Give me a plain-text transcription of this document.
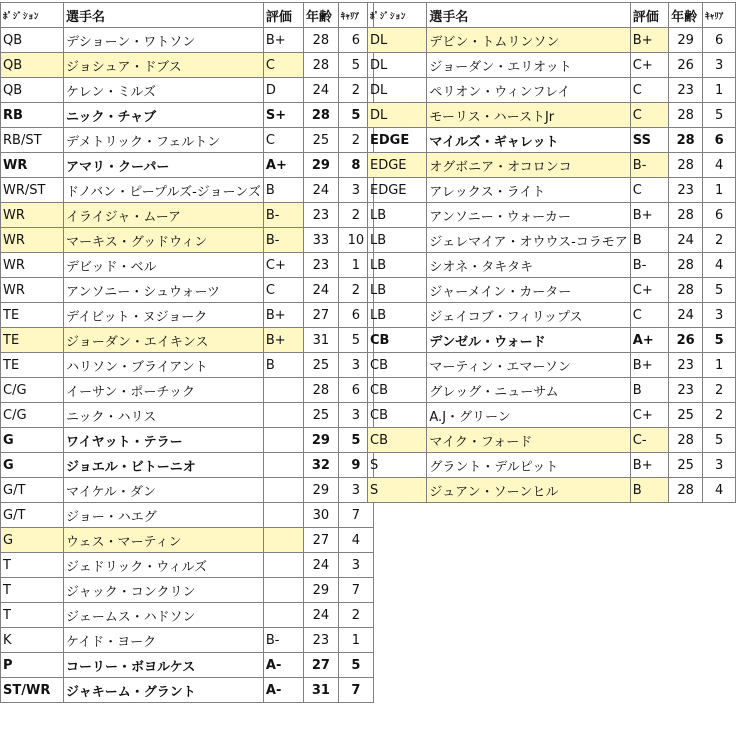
ﾎﾟｼﾞｼｮﾝ	選手名	評価	年齢	ｷｬﾘｱ
QB	デショーン・ワトソン	B+	28	6
QB	ジョシュア・ドブス	C	28	5
QB	ケレン・ミルズ	D	24	2
RB	ニック・チャブ	S+	28	5
RB/ST	デメトリック・フェルトン	C	25	2
WR	アマリ・クーパー	A+	29	8
WR/ST	ドノバン・ピープルズ-ジョーンズ	B	24	3
WR	イライジャ・ムーア	B-	23	2
WR	マーキス・グッドウィン	B-	33	10
WR	デビッド・ベル	C+	23	1
WR	アンソニー・シュウォーツ	C	24	2
TE	デイビット・ヌジョーク	B+	27	6
TE	ジョーダン・エイキンス	B+	31	5
TE	ハリソン・ブライアント	B	25	3
C/G	イーサン・ポーチック		28	6
C/G	ニック・ハリス		25	3
G	ワイヤット・テラー		29	5
G	ジョエル・ビトーニオ		32	9
G/T	マイケル・ダン		29	3
G/T	ジョー・ハエグ		30	7
G	ウェス・マーティン		27	4
T	ジェドリック・ウィルズ		24	3
T	ジャック・コンクリン		29	7
T	ジェームス・ハドソン		24	2
K	ケイド・ヨーク	B-	23	1
P	コーリー・ボヨルケス	A-	27	5
ST/WR	ジャキーム・グラント	A-	31	7
ﾎﾟｼﾞｼｮﾝ	選手名	評価	年齢	ｷｬﾘｱ
DL	デビン・トムリンソン	B+	29	6
DL	ジョーダン・エリオット	C+	26	3
DL	ペリオン・ウィンフレイ	C	23	1
DL	モーリス・ハーストJr	C	28	5
EDGE	マイルズ・ギャレット	SS	28	6
EDGE	オグボニア・オコロンコ	B-	28	4
EDGE	アレックス・ライト	C	23	1
LB	アンソニー・ウォーカー	B+	28	6
LB	ジェレマイア・オウウス-コラモア	B	24	2
LB	シオネ・タキタキ	B-	28	4
LB	ジャーメイン・カーター	C+	28	5
LB	ジェイコブ・フィリップス	C	24	3
CB	デンゼル・ウォード	A+	26	5
CB	マーティン・エマーソン	B+	23	1
CB	グレッグ・ニューサム	B	23	2
CB	A.J・グリーン	C+	25	2
CB	マイク・フォード	C-	28	5
S	グラント・デルピット	B+	25	3
S	ジュアン・ソーンヒル	B	28	4
